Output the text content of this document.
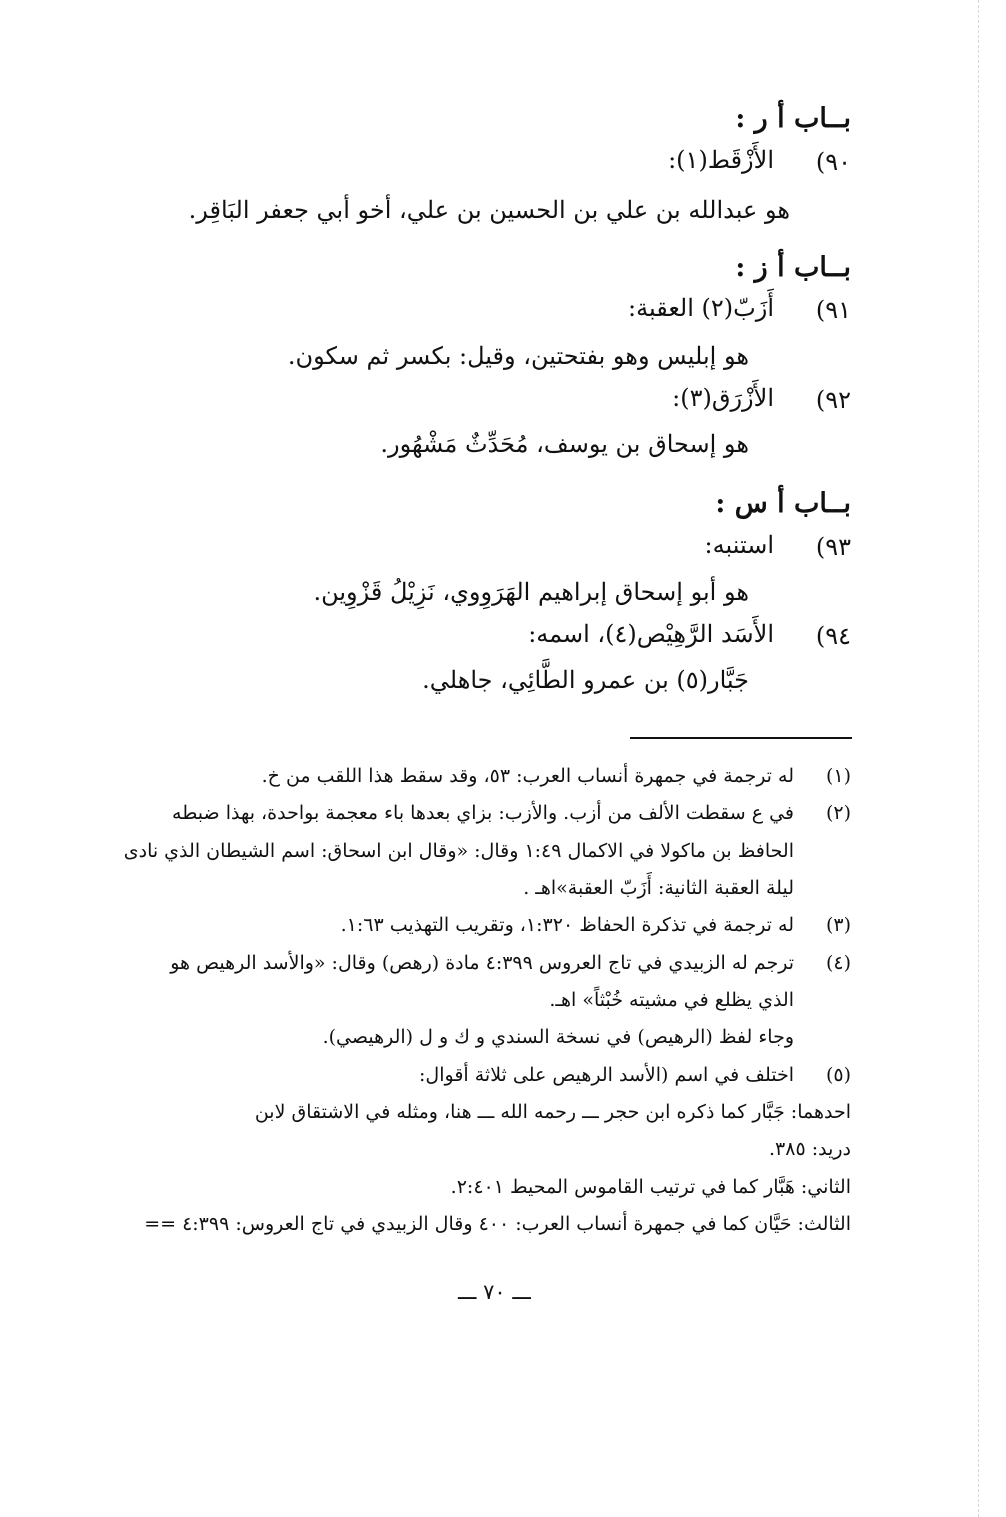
بــاب أ ر :
٩٠)
الأَزْقَط(١):
هو عبدالله بن علي بن الحسين بن علي، أخو أبي جعفر البَاقِر.
بــاب أ ز :
٩١)
أَزَبّ(٢) العقبة:
هو إبليس وهو بفتحتين، وقيل: بكسر ثم سكون.
٩٢)
الأَزْرَق(٣):
هو إسحاق بن يوسف، مُحَدِّثٌ مَشْهُور.
بــاب أ س :
٩٣)
استنبه:
هو أبو إسحاق إبراهيم الهَرَوِوي، نَزِيْلُ قَزْوِين.
٩٤)
الأَسَد الرَّهِيْص(٤)، اسمه:
جَبَّار(٥) بن عمرو الطَّائِي، جاهلي.
(١)
له ترجمة في جمهرة أنساب العرب: ٥٣، وقد سقط هذا اللقب من خ.
(٢)
في ع سقطت الألف من أزب. والأزب: بزاي بعدها باء معجمة بواحدة، بهذا ضبطه
الحافظ بن ماكولا في الاكمال ١:٤٩ وقال: «وقال ابن اسحاق: اسم الشيطان الذي نادى
ليلة العقبة الثانية: أَزَبّ العقبة»اهـ .
(٣)
له ترجمة في تذكرة الحفاظ ١:٣٢٠، وتقريب التهذيب ١:٦٣.
(٤)
ترجم له الزبيدي في تاج العروس ٤:٣٩٩ مادة (رهص) وقال: «والأسد الرهيص هو
الذي يظلع في مشيته خُبْثاً» اهـ.
وجاء لفظ (الرهيص) في نسخة السندي و ك و ل (الرهيصي).
(٥)
اختلف في اسم (الأسد الرهيص على ثلاثة أقوال:
احدهما: جَبَّار كما ذكره ابن حجر ـــ رحمه الله ـــ هنا، ومثله في الاشتقاق لابن
دريد: ٣٨٥.
الثاني: هَبَّار كما في ترتيب القاموس المحيط ٢:٤٠١.
الثالث: حَيَّان كما في جمهرة أنساب العرب: ٤٠٠ وقال الزبيدي في تاج العروس: ٤:٣٩٩ ==
ـــ ٧٠ ـــ
